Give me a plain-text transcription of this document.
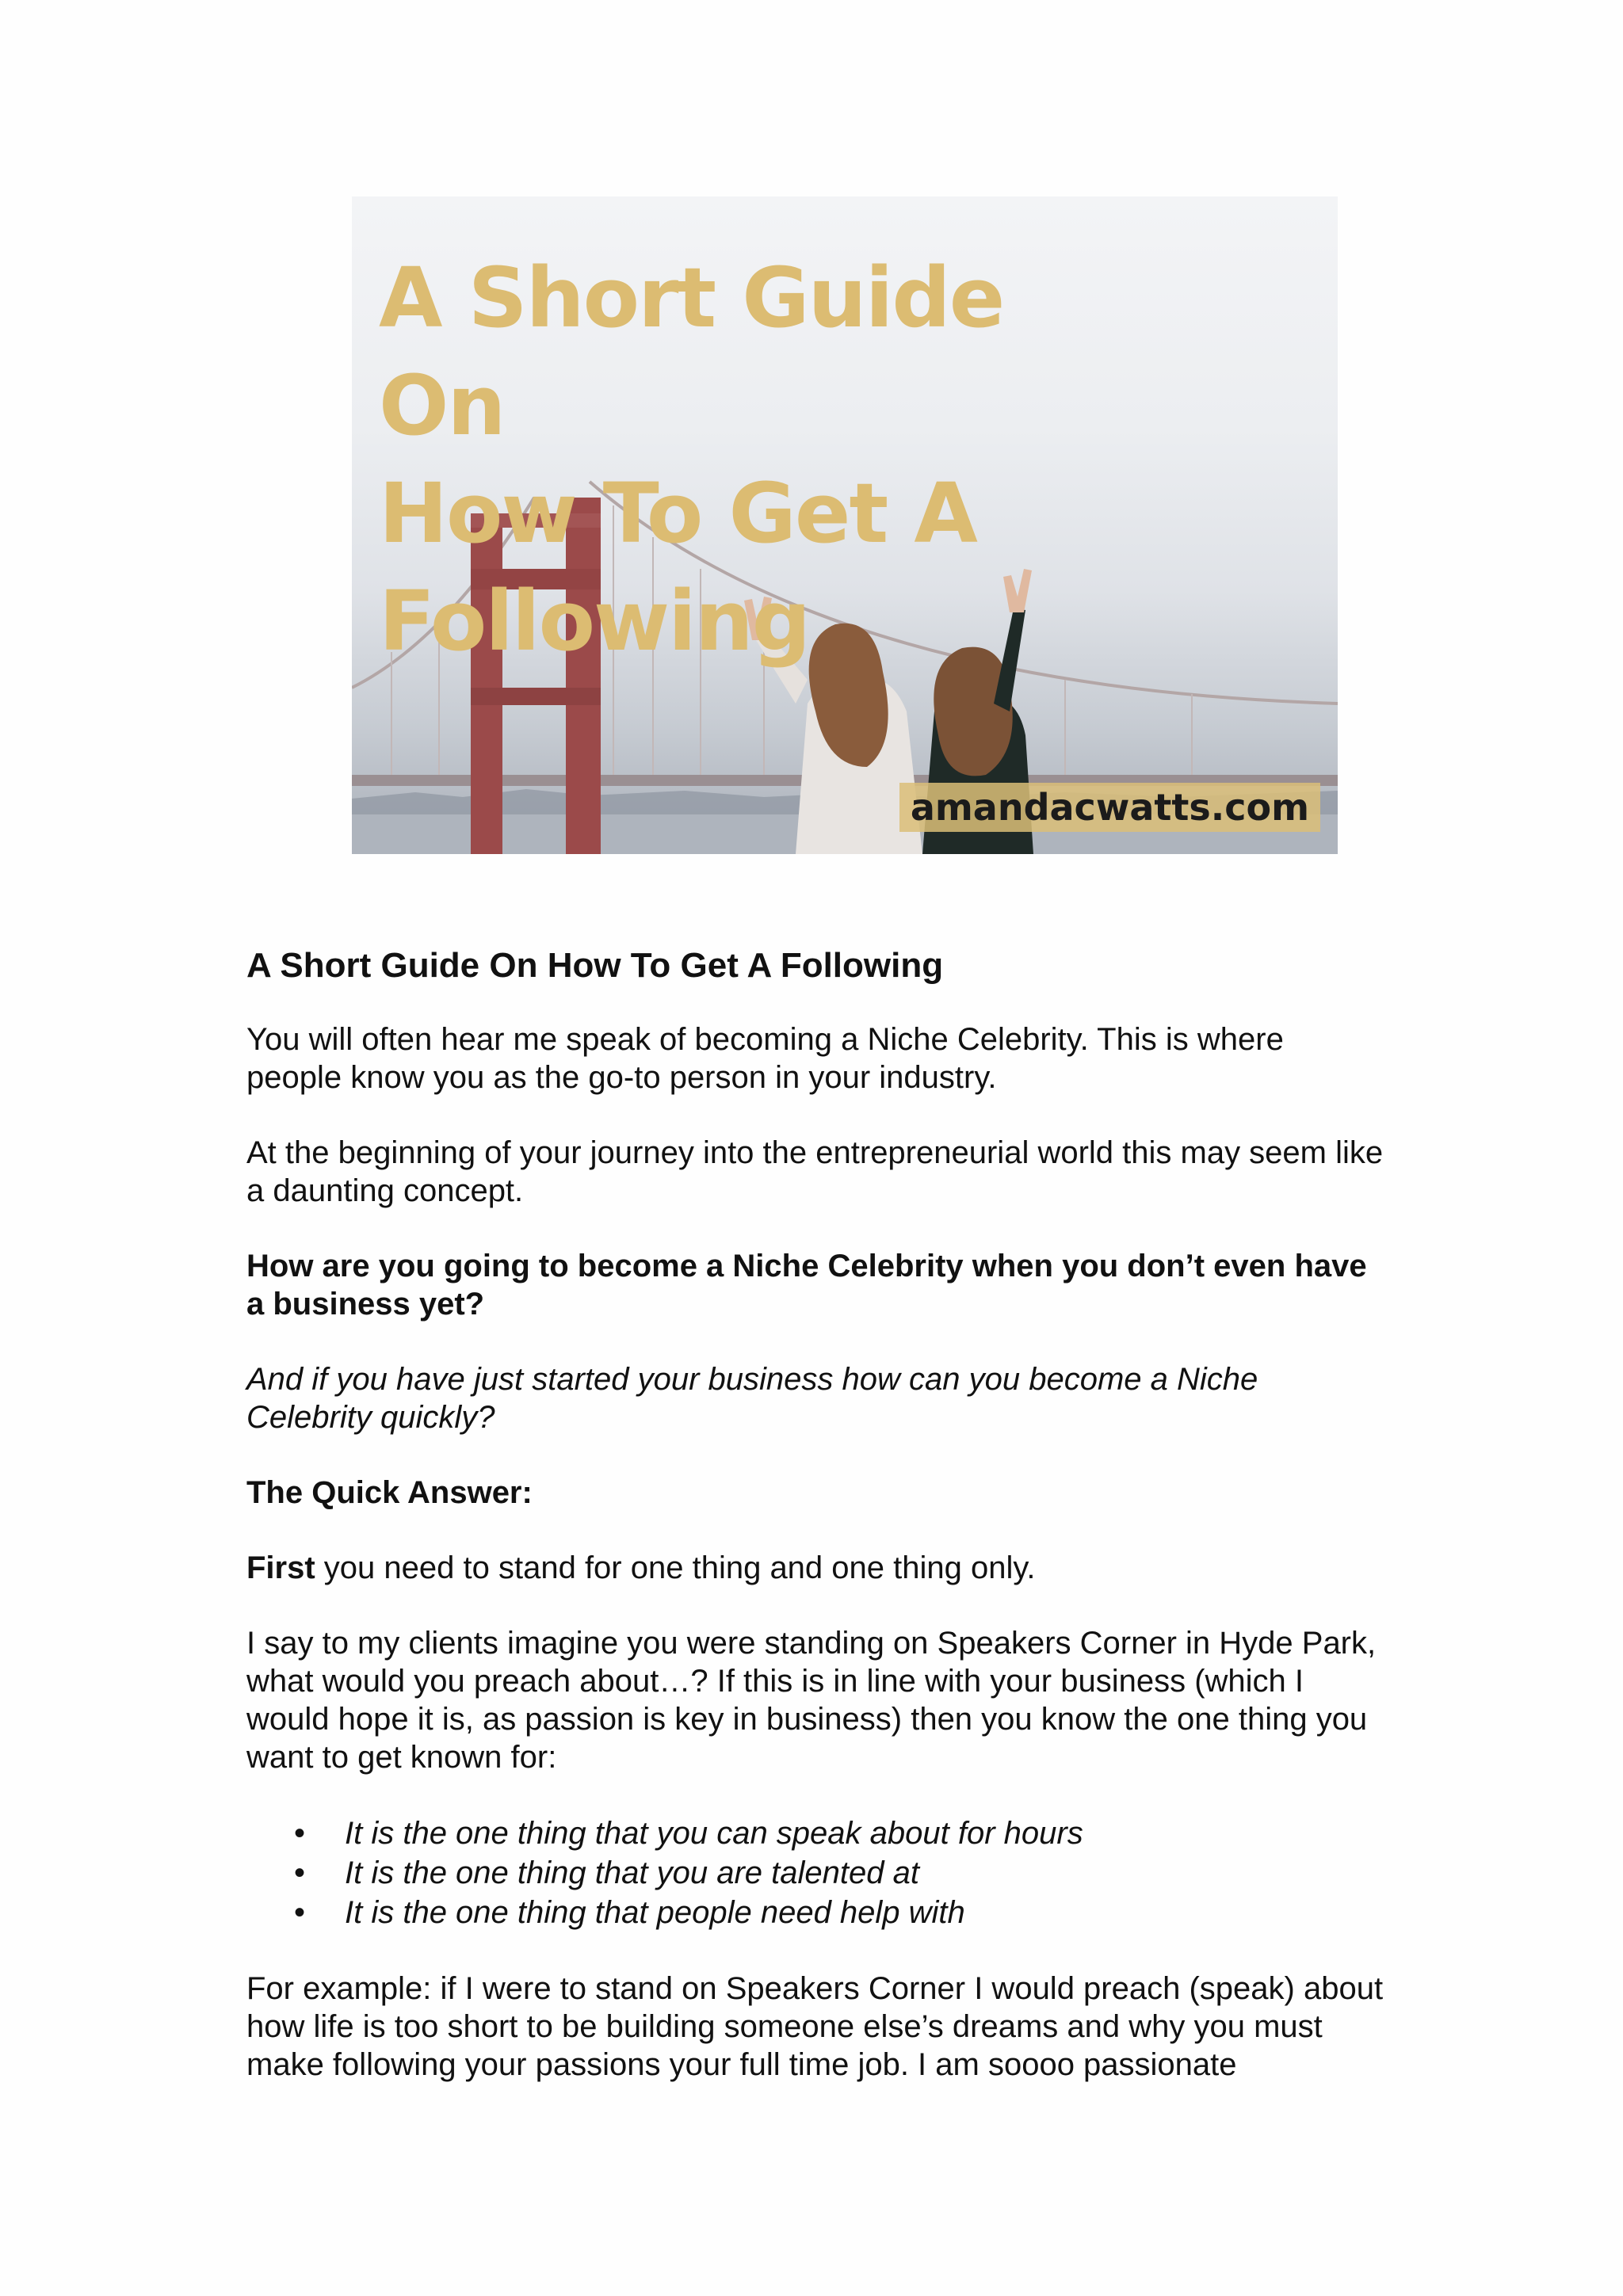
A Short Guide On
How To Get A
Following
amandacwatts.com
A Short Guide On How To Get A Following

You will often hear me speak of becoming a Niche Celebrity. This is where people know you as the go-to person in your industry.

At the beginning of your journey into the entrepreneurial world this may seem like a daunting concept.

How are you going to become a Niche Celebrity when you don’t even have a business yet?

And if you have just started your business how can you become a Niche Celebrity quickly?

The Quick Answer:

First you need to stand for one thing and one thing only.

I say to my clients imagine you were standing on Speakers Corner in Hyde Park, what would you preach about…? If this is in line with your business (which I would hope it is, as passion is key in business) then you know the one thing you want to get known for:

• It is the one thing that you can speak about for hours
• It is the one thing that you are talented at
• It is the one thing that people need help with

For example: if I were to stand on Speakers Corner I would preach (speak) about how life is too short to be building someone else’s dreams and why you must make following your passions your full time job. I am soooo passionate
